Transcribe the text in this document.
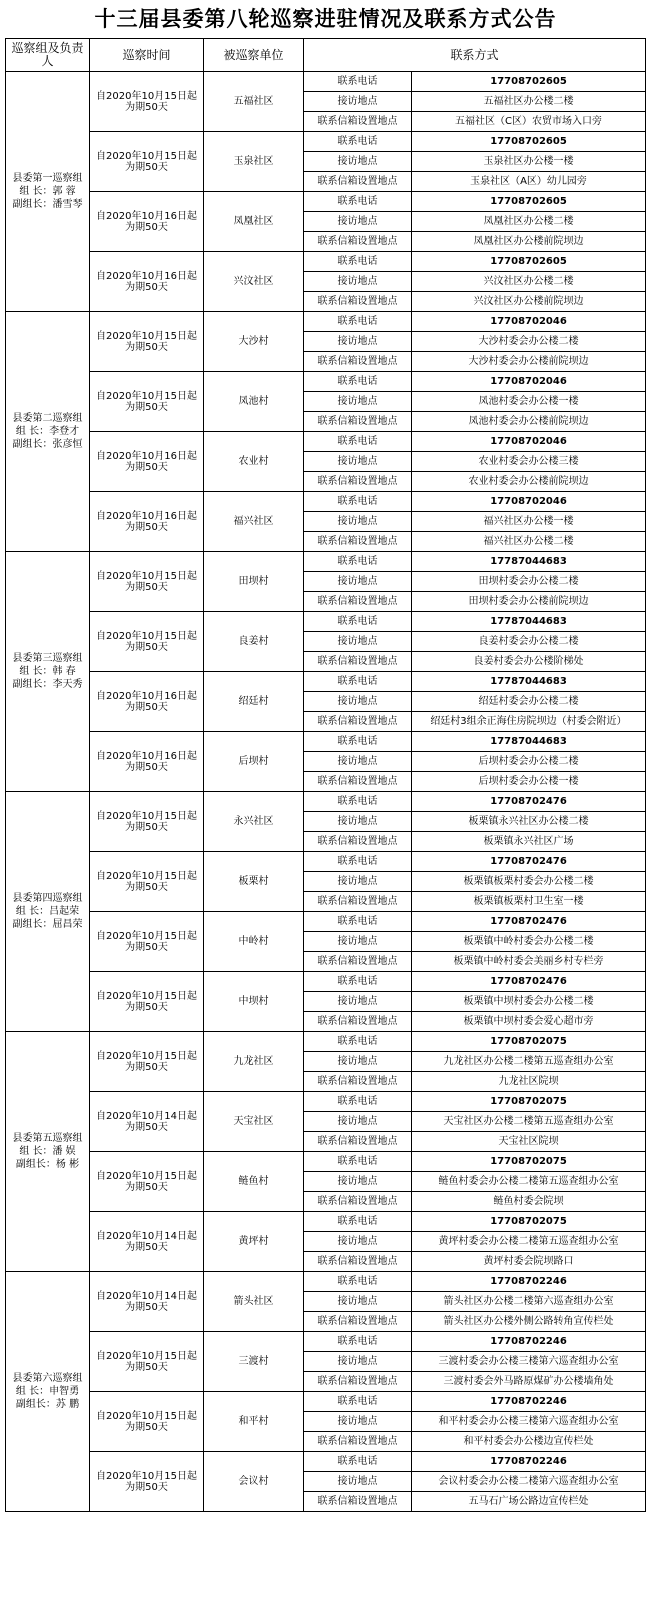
十三届县委第八轮巡察进驻情况及联系方式公告
巡察组及负责人	巡察时间	被巡察单位	联系方式	

县委第一巡察组
组 长：郭 蓉
副组长：潘雪琴	自2020年10月15日起
为期50天	五福社区	联系电话	17708702605
			接访地点	五福社区办公楼二楼
			联系信箱设置地点	五福社区（C区）农贸市场入口旁

	自2020年10月15日起
为期50天	玉泉社区	联系电话	17708702605
			接访地点	玉泉社区办公楼一楼
			联系信箱设置地点	玉泉社区（A区）幼儿园旁

	自2020年10月16日起
为期50天	凤凰社区	联系电话	17708702605
			接访地点	凤凰社区办公楼二楼
			联系信箱设置地点	凤凰社区办公楼前院坝边

	自2020年10月16日起
为期50天	兴汶社区	联系电话	17708702605
			接访地点	兴汶社区办公楼二楼
			联系信箱设置地点	兴汶社区办公楼前院坝边

县委第二巡察组
组 长：李登才
副组长：张彦恒	自2020年10月15日起
为期50天	大沙村	联系电话	17708702046
			接访地点	大沙村委会办公楼二楼
			联系信箱设置地点	大沙村委会办公楼前院坝边

	自2020年10月15日起
为期50天	凤池村	联系电话	17708702046
			接访地点	凤池村委会办公楼一楼
			联系信箱设置地点	凤池村委会办公楼前院坝边

	自2020年10月16日起
为期50天	农业村	联系电话	17708702046
			接访地点	农业村委会办公楼三楼
			联系信箱设置地点	农业村委会办公楼前院坝边

	自2020年10月16日起
为期50天	福兴社区	联系电话	17708702046
			接访地点	福兴社区办公楼一楼
			联系信箱设置地点	福兴社区办公楼二楼

县委第三巡察组
组 长：韩 春
副组长：李天秀	自2020年10月15日起
为期50天	田坝村	联系电话	17787044683
			接访地点	田坝村委会办公楼二楼
			联系信箱设置地点	田坝村委会办公楼前院坝边

	自2020年10月15日起
为期50天	良姜村	联系电话	17787044683
			接访地点	良姜村委会办公楼二楼
			联系信箱设置地点	良姜村委会办公楼阶梯处

	自2020年10月16日起
为期50天	绍廷村	联系电话	17787044683
			接访地点	绍廷村委会办公楼二楼
			联系信箱设置地点	绍廷村3组余正海住房院坝边（村委会附近）

	自2020年10月16日起
为期50天	后坝村	联系电话	17787044683
			接访地点	后坝村委会办公楼二楼
			联系信箱设置地点	后坝村委会办公楼一楼

县委第四巡察组
组 长：吕起荣
副组长：屈昌荣	自2020年10月15日起
为期50天	永兴社区	联系电话	17708702476
			接访地点	板栗镇永兴社区办公楼二楼
			联系信箱设置地点	板栗镇永兴社区广场

	自2020年10月15日起
为期50天	板栗村	联系电话	17708702476
			接访地点	板栗镇板栗村委会办公楼二楼
			联系信箱设置地点	板栗镇板栗村卫生室一楼

	自2020年10月15日起
为期50天	中岭村	联系电话	17708702476
			接访地点	板栗镇中岭村委会办公楼二楼
			联系信箱设置地点	板栗镇中岭村委会美丽乡村专栏旁

	自2020年10月15日起
为期50天	中坝村	联系电话	17708702476
			接访地点	板栗镇中坝村委会办公楼二楼
			联系信箱设置地点	板栗镇中坝村委会爱心超市旁

县委第五巡察组
组 长：潘 娱
副组长：杨 彬	自2020年10月15日起
为期50天	九龙社区	联系电话	17708702075
			接访地点	九龙社区办公楼二楼第五巡查组办公室
			联系信箱设置地点	九龙社区院坝

	自2020年10月14日起
为期50天	天宝社区	联系电话	17708702075
			接访地点	天宝社区办公楼二楼第五巡查组办公室
			联系信箱设置地点	天宝社区院坝

	自2020年10月15日起
为期50天	鲢鱼村	联系电话	17708702075
			接访地点	鲢鱼村委会办公楼二楼第五巡查组办公室
			联系信箱设置地点	鲢鱼村委会院坝

	自2020年10月14日起
为期50天	黄坪村	联系电话	17708702075
			接访地点	黄坪村委会办公楼二楼第五巡查组办公室
			联系信箱设置地点	黄坪村委会院坝路口

县委第六巡察组
组 长：申智勇
副组长：苏 鹏	自2020年10月14日起
为期50天	箭头社区	联系电话	17708702246
			接访地点	箭头社区办公楼二楼第六巡查组办公室
			联系信箱设置地点	箭头社区办公楼外侧公路转角宣传栏处

	自2020年10月15日起
为期50天	三渡村	联系电话	17708702246
			接访地点	三渡村委会办公楼三楼第六巡查组办公室
			联系信箱设置地点	三渡村委会外马路原煤矿办公楼墙角处

	自2020年10月15日起
为期50天	和平村	联系电话	17708702246
			接访地点	和平村委会办公楼三楼第六巡查组办公室
			联系信箱设置地点	和平村委会办公楼边宣传栏处

	自2020年10月15日起
为期50天	会议村	联系电话	17708702246
			接访地点	会议村委会办公楼二楼第六巡查组办公室
			联系信箱设置地点	五马石广场公路边宣传栏处
